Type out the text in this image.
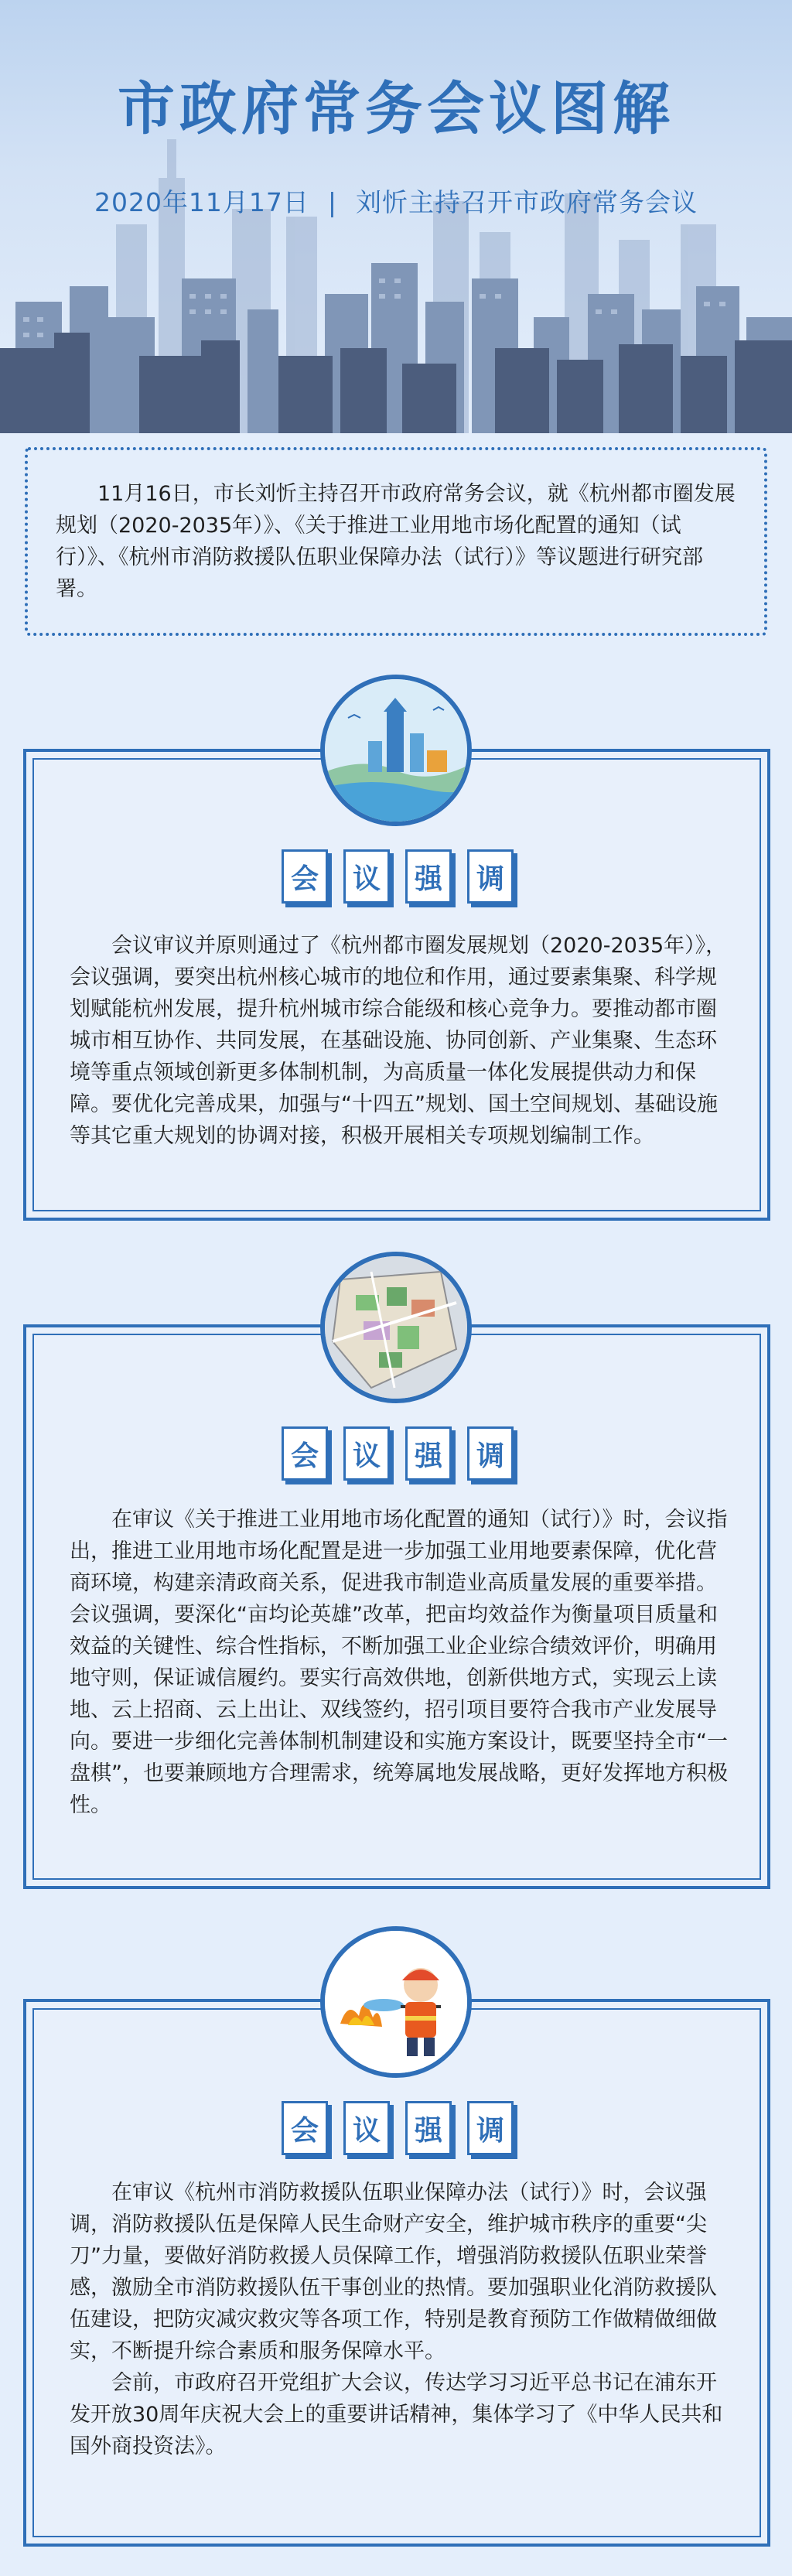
市政府常务会议图解
2020年11月17日 | 刘忻主持召开市政府常务会议

11月16日，市长刘忻主持召开市政府常务会议，就《杭州都市圈发展规划（2020-2035年）》、《关于推进工业用地市场化配置的通知（试行）》、《杭州市消防救援队伍职业保障办法（试行）》等议题进行研究部署。

会议审议并原则通过了《杭州都市圈发展规划（2020-2035年）》，会议强调，要突出杭州核心城市的地位和作用，通过要素集聚、科学规划赋能杭州发展，提升杭州城市综合能级和核心竞争力。要推动都市圈城市相互协作、共同发展，在基础设施、协同创新、产业集聚、生态环境等重点领域创新更多体制机制，为高质量一体化发展提供动力和保障。要优化完善成果，加强与“十四五”规划、国土空间规划、基础设施等其它重大规划的协调对接，积极开展相关专项规划编制工作。

会	议	强	调

在审议《关于推进工业用地市场化配置的通知（试行）》时，会议指出，推进工业用地市场化配置是进一步加强工业用地要素保障，优化营商环境，构建亲清政商关系，促进我市制造业高质量发展的重要举措。会议强调，要深化“亩均论英雄”改革，把亩均效益作为衡量项目质量和效益的关键性、综合性指标，不断加强工业企业综合绩效评价，明确用地守则，保证诚信履约。要实行高效供地，创新供地方式，实现云上读地、云上招商、云上出让、双线签约，招引项目要符合我市产业发展导向。要进一步细化完善体制机制建设和实施方案设计，既要坚持全市“一盘棋”，也要兼顾地方合理需求，统筹属地发展战略，更好发挥地方积极性。

会	议	强	调

在审议《杭州市消防救援队伍职业保障办法（试行）》时，会议强调，消防救援队伍是保障人民生命财产安全，维护城市秩序的重要“尖刀”力量，要做好消防救援人员保障工作，增强消防救援队伍职业荣誉感，激励全市消防救援队伍干事创业的热情。要加强职业化消防救援队伍建设，把防灾减灾救灾等各项工作，特别是教育预防工作做精做细做实，不断提升综合素质和服务保障水平。

会前，市政府召开党组扩大会议，传达学习习近平总书记在浦东开发开放30周年庆祝大会上的重要讲话精神，集体学习了《中华人民共和国外商投资法》。

会	议	强	调
